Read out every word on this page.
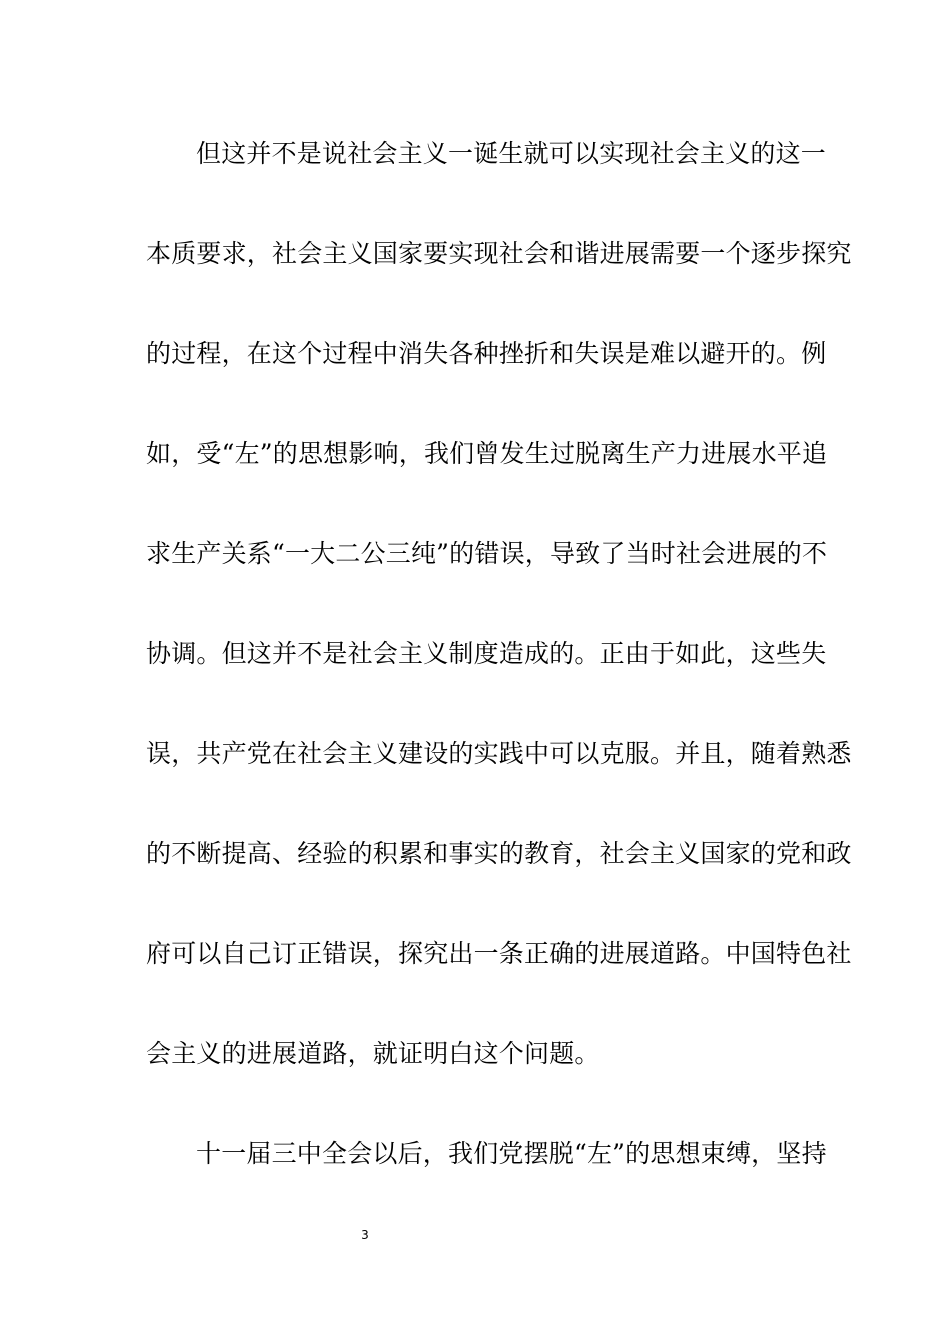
但这并不是说社会主义一诞生就可以实现社会主义的这一
本质要求，社会主义国家要实现社会和谐进展需要一个逐步探究
的过程，在这个过程中消失各种挫折和失误是难以避开的。例
如，受“左”的思想影响，我们曾发生过脱离生产力进展水平追
求生产关系“一大二公三纯”的错误，导致了当时社会进展的不
协调。但这并不是社会主义制度造成的。正由于如此，这些失
误，共产党在社会主义建设的实践中可以克服。并且，随着熟悉
的不断提高、经验的积累和事实的教育，社会主义国家的党和政
府可以自己订正错误，探究出一条正确的进展道路。中国特色社
会主义的进展道路，就证明白这个问题。
十一届三中全会以后，我们党摆脱“左”的思想束缚，坚持
3
